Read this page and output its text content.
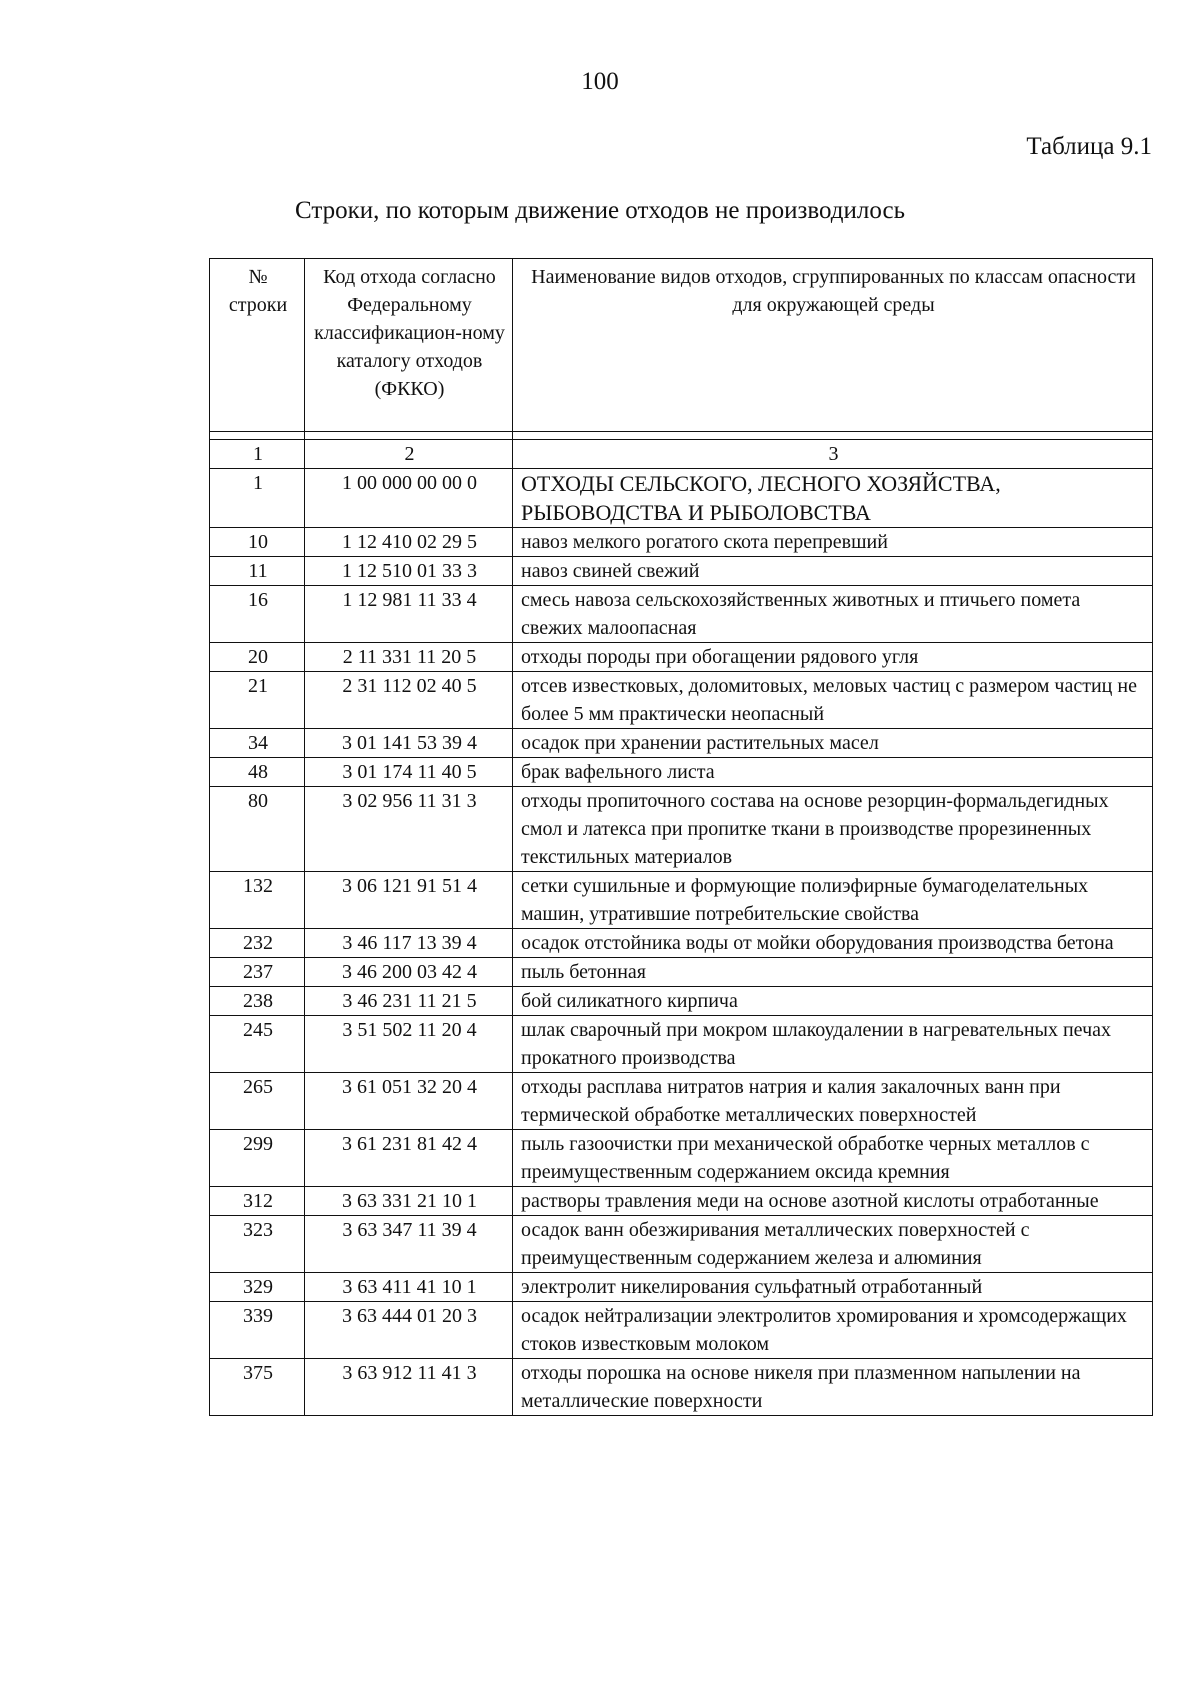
100
Таблица 9.1
Строки, по которым движение отходов не производилось
№ строки	Код отхода согласно Федеральному классификацион-ному каталогу отходов (ФККО)	Наименование видов отходов, сгруппированных по классам опасности для окружающей среды

1	2	3
1	1 00 000 00 00 0	ОТХОДЫ СЕЛЬСКОГО, ЛЕСНОГО ХОЗЯЙСТВА, РЫБОВОДСТВА И РЫБОЛОВСТВА
10	1 12 410 02 29 5	навоз мелкого рогатого скота перепревший
11	1 12 510 01 33 3	навоз свиней свежий
16	1 12 981 11 33 4	смесь навоза сельскохозяйственных животных и птичьего помета свежих малоопасная
20	2 11 331 11 20 5	отходы породы при обогащении рядового угля
21	2 31 112 02 40 5	отсев известковых, доломитовых, меловых частиц с размером частиц не более 5 мм практически неопасный
34	3 01 141 53 39 4	осадок при хранении растительных масел
48	3 01 174 11 40 5	брак вафельного листа
80	3 02 956 11 31 3	отходы пропиточного состава на основе резорцин-формальдегидных смол и латекса при пропитке ткани в производстве прорезиненных текстильных материалов
132	3 06 121 91 51 4	сетки сушильные и формующие полиэфирные бумагоделательных машин, утратившие потребительские свойства
232	3 46 117 13 39 4	осадок отстойника воды от мойки оборудования производства бетона
237	3 46 200 03 42 4	пыль бетонная
238	3 46 231 11 21 5	бой силикатного кирпича
245	3 51 502 11 20 4	шлак сварочный при мокром шлакоудалении в нагревательных печах прокатного производства
265	3 61 051 32 20 4	отходы расплава нитратов натрия и калия закалочных ванн при термической обработке металлических поверхностей
299	3 61 231 81 42 4	пыль газоочистки при механической обработке черных металлов с преимущественным содержанием оксида кремния
312	3 63 331 21 10 1	растворы травления меди на основе азотной кислоты отработанные
323	3 63 347 11 39 4	осадок ванн обезжиривания металлических поверхностей с преимущественным содержанием железа и алюминия
329	3 63 411 41 10 1	электролит никелирования сульфатный отработанный
339	3 63 444 01 20 3	осадок нейтрализации электролитов хромирования и хромсодержащих стоков известковым молоком
375	3 63 912 11 41 3	отходы порошка на основе никеля при плазменном напылении на металлические поверхности
